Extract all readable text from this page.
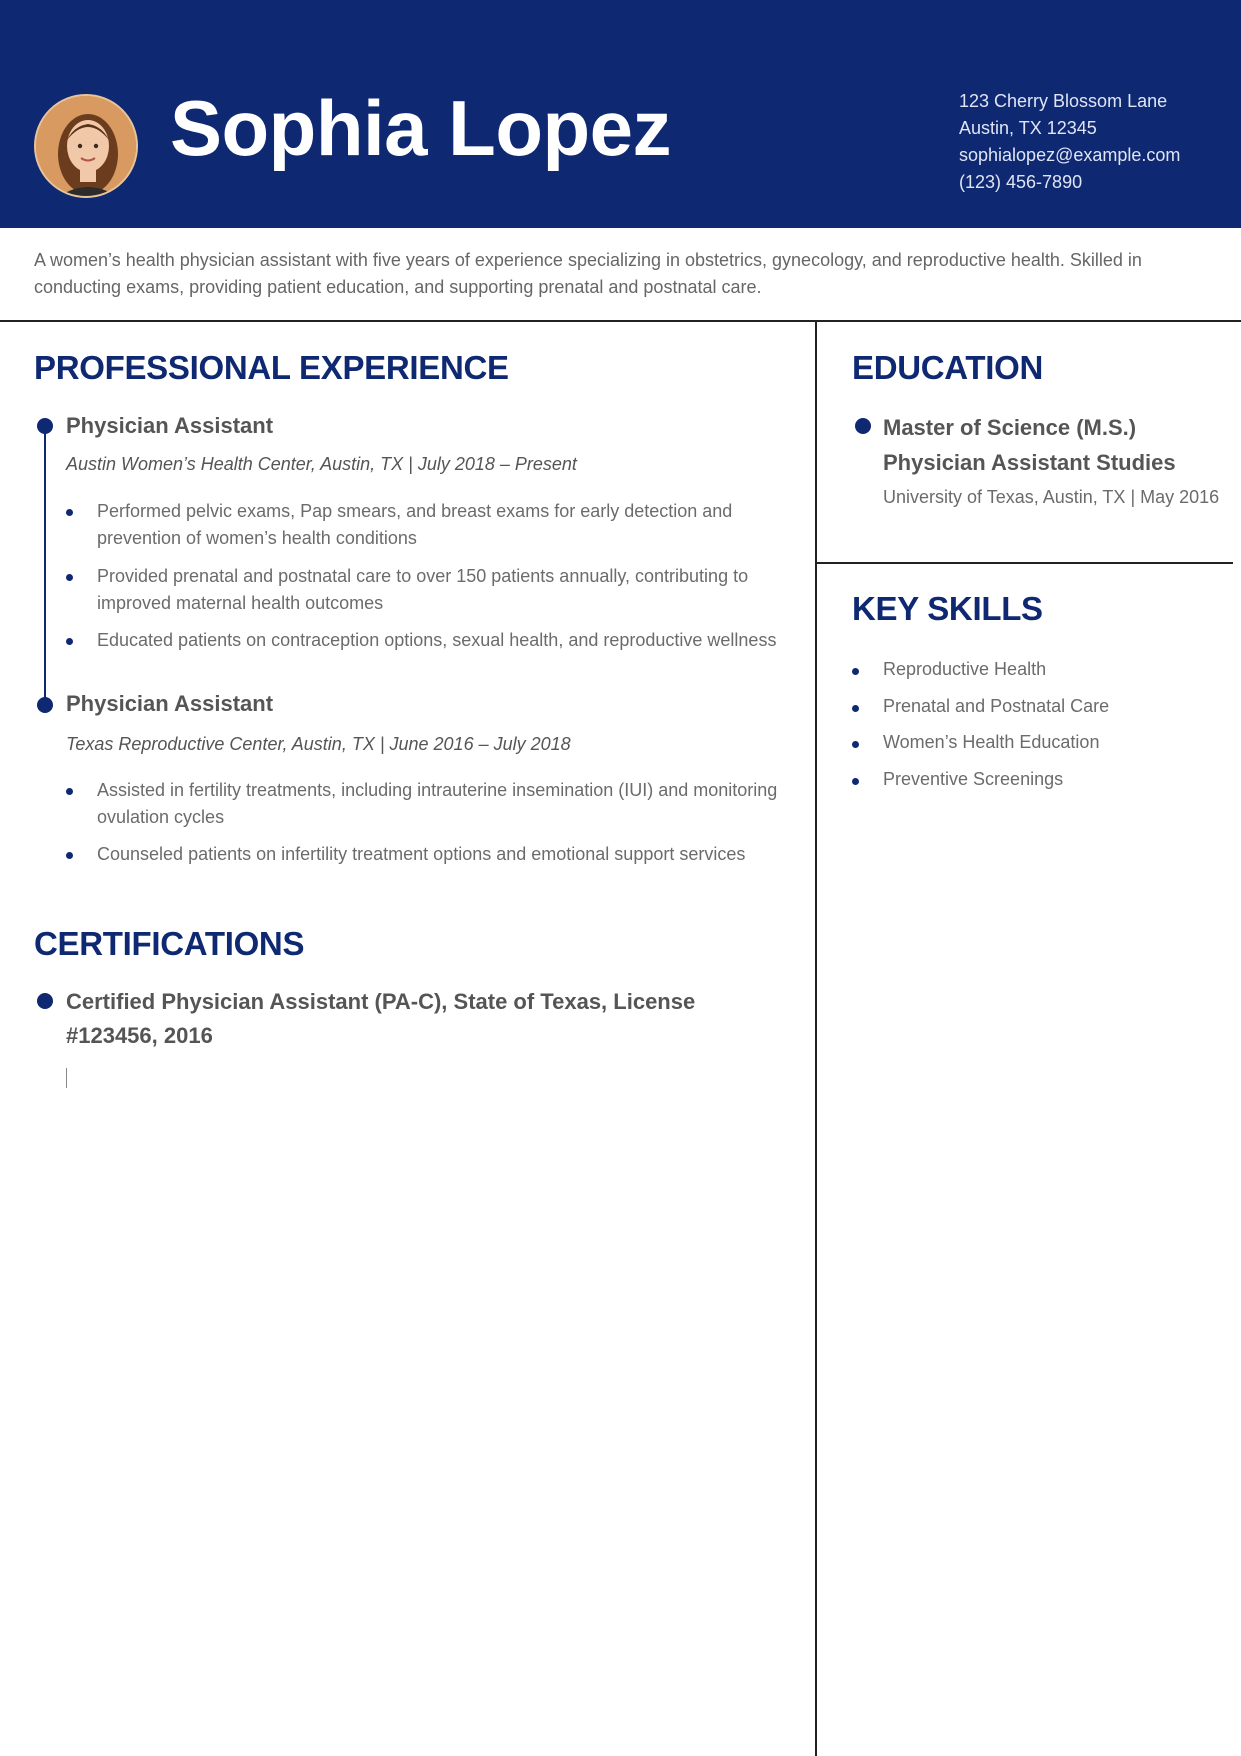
Sophia Lopez	123 Cherry Blossom Lane
Austin, TX 12345
sophialopez@example.com
(123) 456-7890
A women’s health physician assistant with five years of experience specializing in obstetrics, gynecology, and reproductive health. Skilled in conducting exams, providing patient education, and supporting prenatal and postnatal care.
PROFESSIONAL EXPERIENCE
Physician Assistant
Austin Women’s Health Center, Austin, TX | July 2018 – Present
Performed pelvic exams, Pap smears, and breast exams for early detection and prevention of women’s health conditions
Provided prenatal and postnatal care to over 150 patients annually, contributing to improved maternal health outcomes
Educated patients on contraception options, sexual health, and reproductive wellness
Physician Assistant
Texas Reproductive Center, Austin, TX | June 2016 – July 2018
Assisted in fertility treatments, including intrauterine insemination (IUI) and monitoring ovulation cycles
Counseled patients on infertility treatment options and emotional support services
CERTIFICATIONS
Certified Physician Assistant (PA-C), State of Texas, License #123456, 2016
EDUCATION
Master of Science (M.S.) Physician Assistant Studies
University of Texas, Austin, TX | May 2016
KEY SKILLS
Reproductive Health
Prenatal and Postnatal Care
Women’s Health Education
Preventive Screenings
